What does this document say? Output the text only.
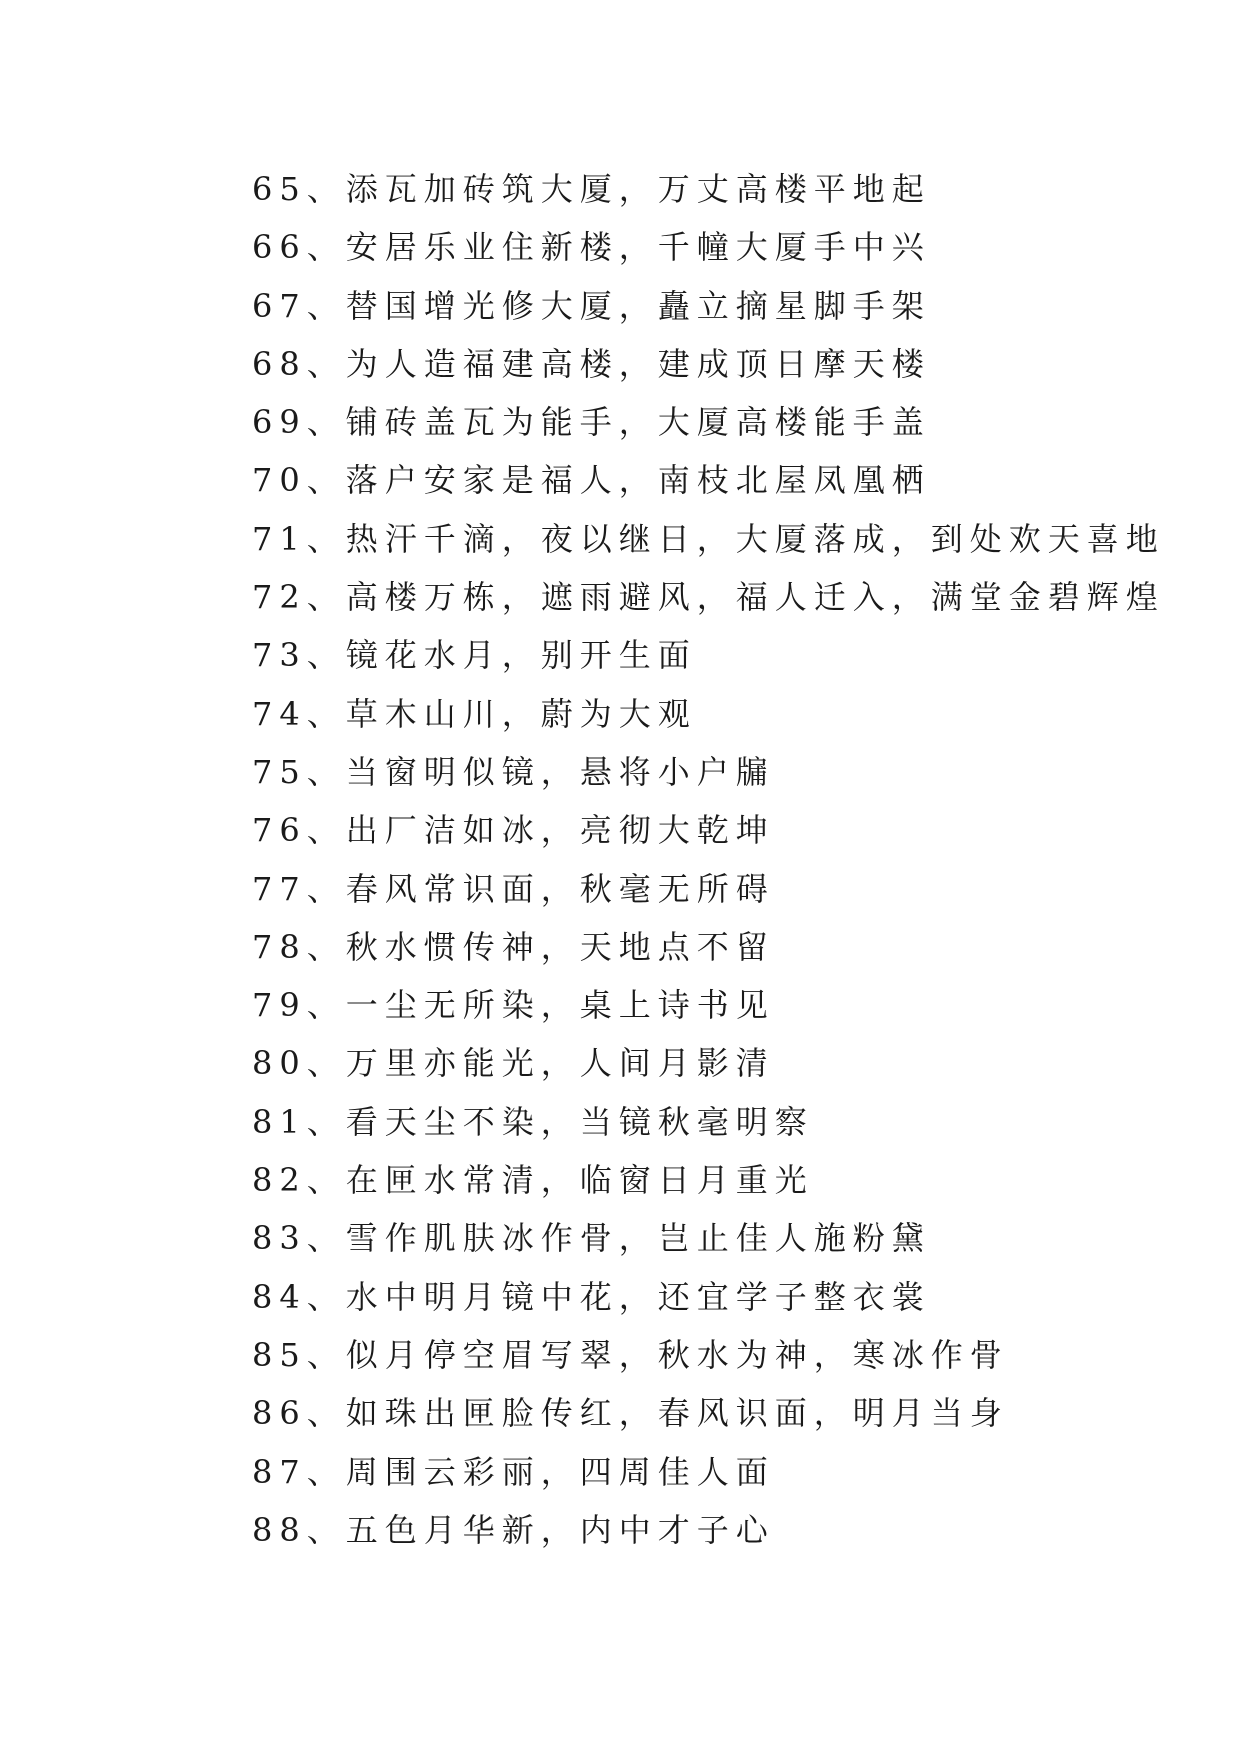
65、添瓦加砖筑大厦，万丈高楼平地起
66、安居乐业住新楼，千幢大厦手中兴
67、替国增光修大厦，矗立摘星脚手架
68、为人造福建高楼，建成顶日摩天楼
69、铺砖盖瓦为能手，大厦高楼能手盖
70、落户安家是福人，南枝北屋凤凰栖
71、热汗千滴，夜以继日，大厦落成，到处欢天喜地
72、高楼万栋，遮雨避风，福人迁入，满堂金碧辉煌
73、镜花水月，别开生面
74、草木山川，蔚为大观
75、当窗明似镜，悬将小户牖
76、出厂洁如冰，亮彻大乾坤
77、春风常识面，秋毫无所碍
78、秋水惯传神，天地点不留
79、一尘无所染，桌上诗书见
80、万里亦能光，人间月影清
81、看天尘不染，当镜秋毫明察
82、在匣水常清，临窗日月重光
83、雪作肌肤冰作骨，岂止佳人施粉黛
84、水中明月镜中花，还宜学子整衣裳
85、似月停空眉写翠，秋水为神，寒冰作骨
86、如珠出匣脸传红，春风识面，明月当身
87、周围云彩丽，四周佳人面
88、五色月华新，内中才子心
